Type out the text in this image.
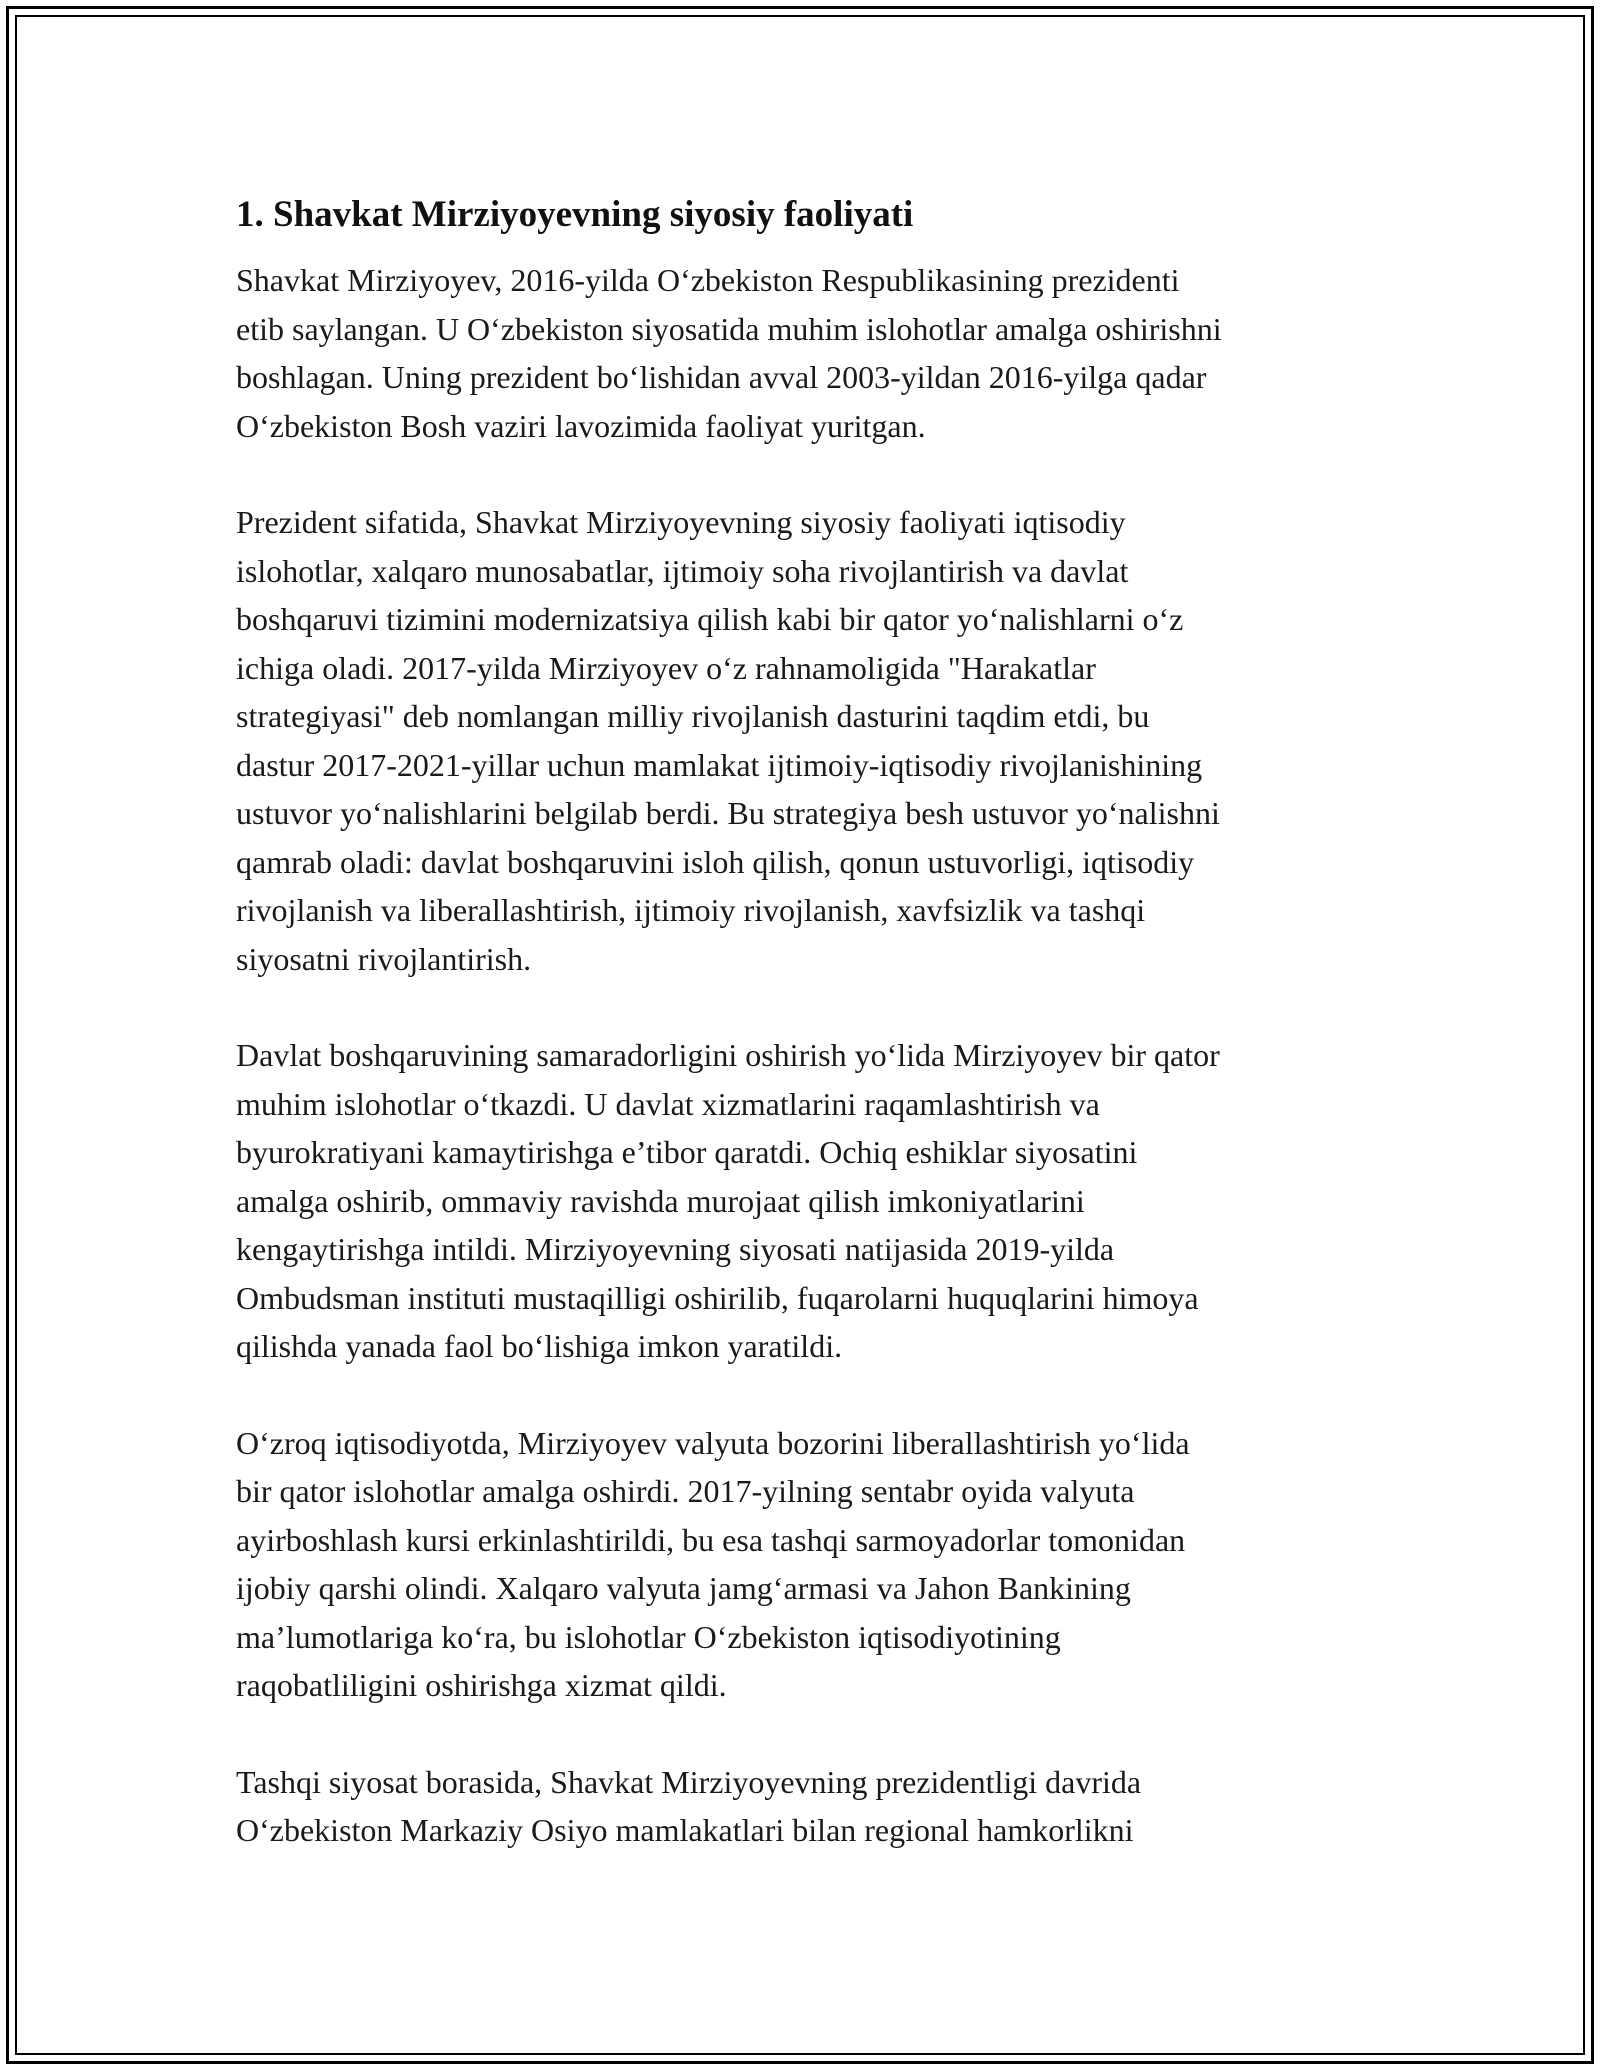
1. Shavkat Mirziyoyevning siyosiy faoliyati

Shavkat Mirziyoyev, 2016-yilda O‘zbekiston Respublikasining prezidenti
etib saylangan. U O‘zbekiston siyosatida muhim islohotlar amalga oshirishni
boshlagan. Uning prezident bo‘lishidan avval 2003-yildan 2016-yilga qadar
O‘zbekiston Bosh vaziri lavozimida faoliyat yuritgan.

Prezident sifatida, Shavkat Mirziyoyevning siyosiy faoliyati iqtisodiy
islohotlar, xalqaro munosabatlar, ijtimoiy soha rivojlantirish va davlat
boshqaruvi tizimini modernizatsiya qilish kabi bir qator yo‘nalishlarni o‘z
ichiga oladi. 2017-yilda Mirziyoyev o‘z rahnamoligida "Harakatlar
strategiyasi" deb nomlangan milliy rivojlanish dasturini taqdim etdi, bu
dastur 2017-2021-yillar uchun mamlakat ijtimoiy-iqtisodiy rivojlanishining
ustuvor yo‘nalishlarini belgilab berdi. Bu strategiya besh ustuvor yo‘nalishni
qamrab oladi: davlat boshqaruvini isloh qilish, qonun ustuvorligi, iqtisodiy
rivojlanish va liberallashtirish, ijtimoiy rivojlanish, xavfsizlik va tashqi
siyosatni rivojlantirish.

Davlat boshqaruvining samaradorligini oshirish yo‘lida Mirziyoyev bir qator
muhim islohotlar o‘tkazdi. U davlat xizmatlarini raqamlashtirish va
byurokratiyani kamaytirishga e’tibor qaratdi. Ochiq eshiklar siyosatini
amalga oshirib, ommaviy ravishda murojaat qilish imkoniyatlarini
kengaytirishga intildi. Mirziyoyevning siyosati natijasida 2019-yilda
Ombudsman instituti mustaqilligi oshirilib, fuqarolarni huquqlarini himoya
qilishda yanada faol bo‘lishiga imkon yaratildi.

O‘zroq iqtisodiyotda, Mirziyoyev valyuta bozorini liberallashtirish yo‘lida
bir qator islohotlar amalga oshirdi. 2017-yilning sentabr oyida valyuta
ayirboshlash kursi erkinlashtirildi, bu esa tashqi sarmoyadorlar tomonidan
ijobiy qarshi olindi. Xalqaro valyuta jamg‘armasi va Jahon Bankining
ma’lumotlariga ko‘ra, bu islohotlar O‘zbekiston iqtisodiyotining
raqobatliligini oshirishga xizmat qildi.

Tashqi siyosat borasida, Shavkat Mirziyoyevning prezidentligi davrida
O‘zbekiston Markaziy Osiyo mamlakatlari bilan regional hamkorlikni
